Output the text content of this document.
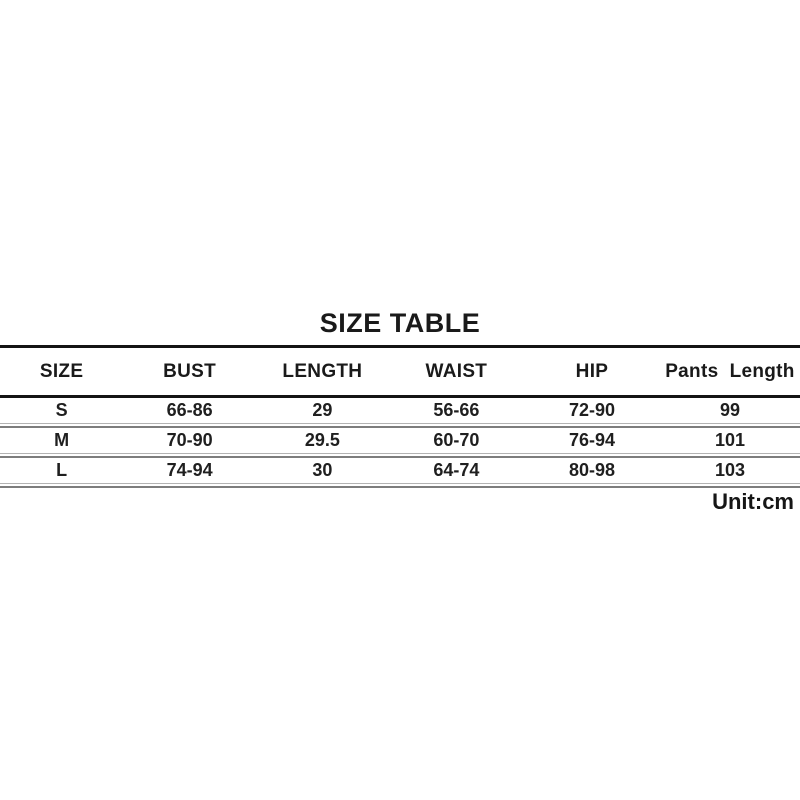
SIZE TABLE
SIZE	BUST	LENGTH	WAIST	HIP	Pants  Length
S	66-86	29	56-66	72-90	99
M	70-90	29.5	60-70	76-94	101
L	74-94	30	64-74	80-98	103
Unit:cm
